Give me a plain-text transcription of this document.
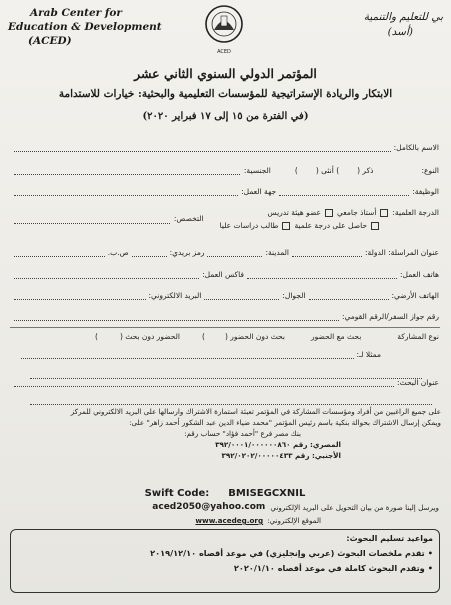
Arab Center for
Education & Development
(ACED)
ACED
بي للتعليم والتنمية
(أسد)
المؤتمر الدولي السنوي الثاني عشر
الابتكار والريادة الإستراتيجية للمؤسسات التعليمية والبحثية: خيارات للاستدامة
(في الفترة من ١٥ إلى ١٧ فبراير ٢٠٢٠)
الاسم بالكامل:
النوع:
ذكر (
) أنثى (
)
الجنسية:
الوظيفة:
جهة العمل:
الدرجة العلمية:
أستاذ جامعي
عضو هيئة تدريس
حاصل على درجة علمية
طالب دراسات عليا
التخصص:
عنوان المراسلة: الدولة:
المدينة:
رمز بريدي:
ص.ب.
هاتف العمل:
فاكس العمل:
الهاتف الأرضي:
الجوال:
البريد الالكتروني:
رقم جواز السفر/الرقم القومي:
نوع المشاركة
بحث مع الحضور
بحث دون الحضور (
)
الحضور دون بحث (
)
ممثلا لـ:
عنوان البحث:
على جميع الراغبين من أفراد ومؤسسات المشاركة في المؤتمر تعبئة استمارة الاشتراك وارسالها على البريد الالكتروني للمركز
ويمكن إرسال الاشتراك بحوالة بنكية باسم رئيس المؤتمر "محمد ضياء الدين عبد الشكور أحمد زاهر" على:
بنك مصر فرع "أحمد فؤاد" حساب رقم:
المصري: رقم ٣٩٢/٠٠٠١/٠٠٠٠٠٠٨٦٠
الأجنبي: رقم ٣٩٢/٠٢٠٢/٠٠٠٠٠٤٣٣
Swift Code: BMISEGCXNIL
ويرسل إلينا صورة من بيان التحويل على البريد الإلكتروني
aced2050@yahoo.com
الموقع الإلكتروني:
www.acedeg.org
مواعيد تسليم البحوث:
• تقدم ملخصات البحوث (عربي وإنجليزي) في موعد أقصاه ٢٠١٩/١٢/١٠
• وتقدم البحوث كاملة في موعد أقصاه ٢٠٢٠/١/١٠
